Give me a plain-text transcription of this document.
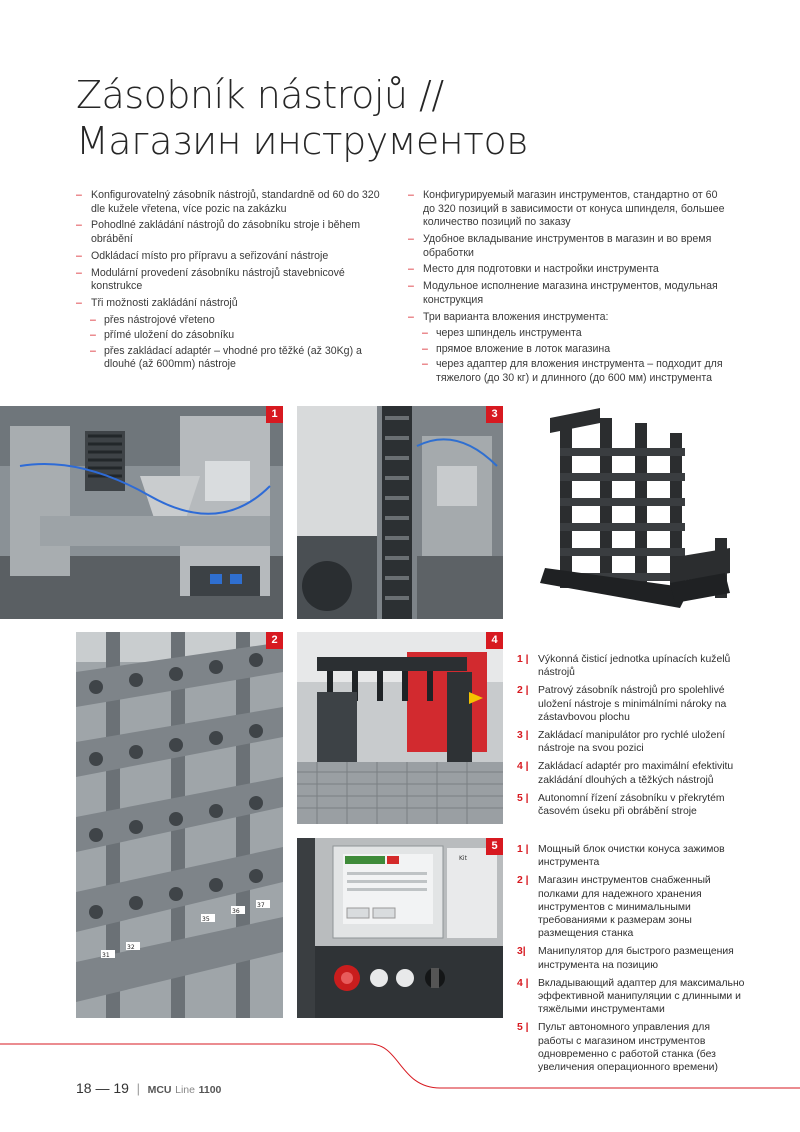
Zásobník nástrojů //
Магазин инструментов
– Konfigurovatelný zásobník nástrojů, standardně od 60 do 320 dle kuželе vřetena, více pozic na zakázku
– Pohodlné zakládání nástrojů do zásobníku stroje i během obrábění
– Odkládací místo pro přípravu a seřizování nástroje
– Modulární provedení zásobníku nástrojů stavebnicové konstrukce
– Tři možnosti zakládání nástrojů
– přes nástrojové vřeteno
– přímé uložení do zásobníku
– přes zakládací adaptér – vhodné pro těžké (až 30Kg) a dlouhé (až 600mm) nástroje
– Конфигурируемый магазин инструментов, стандартно от 60 до 320 позиций в зависимости от конуса шпинделя, большее количество позиций по заказу
– Удобное вкладывание инструментов в магазин и во время обработки
– Место для подготовки и настройки инструмента
– Модульное исполнение магазина инструментов, модульная конструкция
– Три варианта вложения инструмента:
– через шпиндель инструмента
– прямое вложение в лоток магазина
– через адаптер для вложения инструмента – подходит для тяжелого (до 30 кг) и длинного (до 600 мм) инструмента
1	3
37
36
35
32
31
2	4
Kit
5
1 | Výkonná čisticí jednotka upínacích kuželů nástrojů
2 | Patrový zásobník nástrojů pro spolehlivé uložení nástroje s minimálními nároky na zástavbovou plochu
3 | Zakládací manipulátor pro rychlé uložení nástroje na svou pozici
4 | Zakládací adaptér pro maximální efektivitu zakládání dlouhých a těžkých nástrojů
5 | Autonomní řízení zásobníku v překrytém časovém úseku při obrábění stroje
1 | Мощный блок очистки конуса зажимов инструмента
2 | Магазин инструментов снабженный полками для надежного хранения инструментов с минимальными требованиями к размерам зоны размещения станка
3| Манипулятор для быстрого размещения инструмента на позицию
4 | Вкладывающий адаптер для максимально эффективной манипуляции с длинными и тяжёлыми инструментами
5 | Пульт автономного управления для работы с магазином инструментов одновременно с работой станка (без увеличения операционного времени)
18 — 19 | MCU Line 1100
